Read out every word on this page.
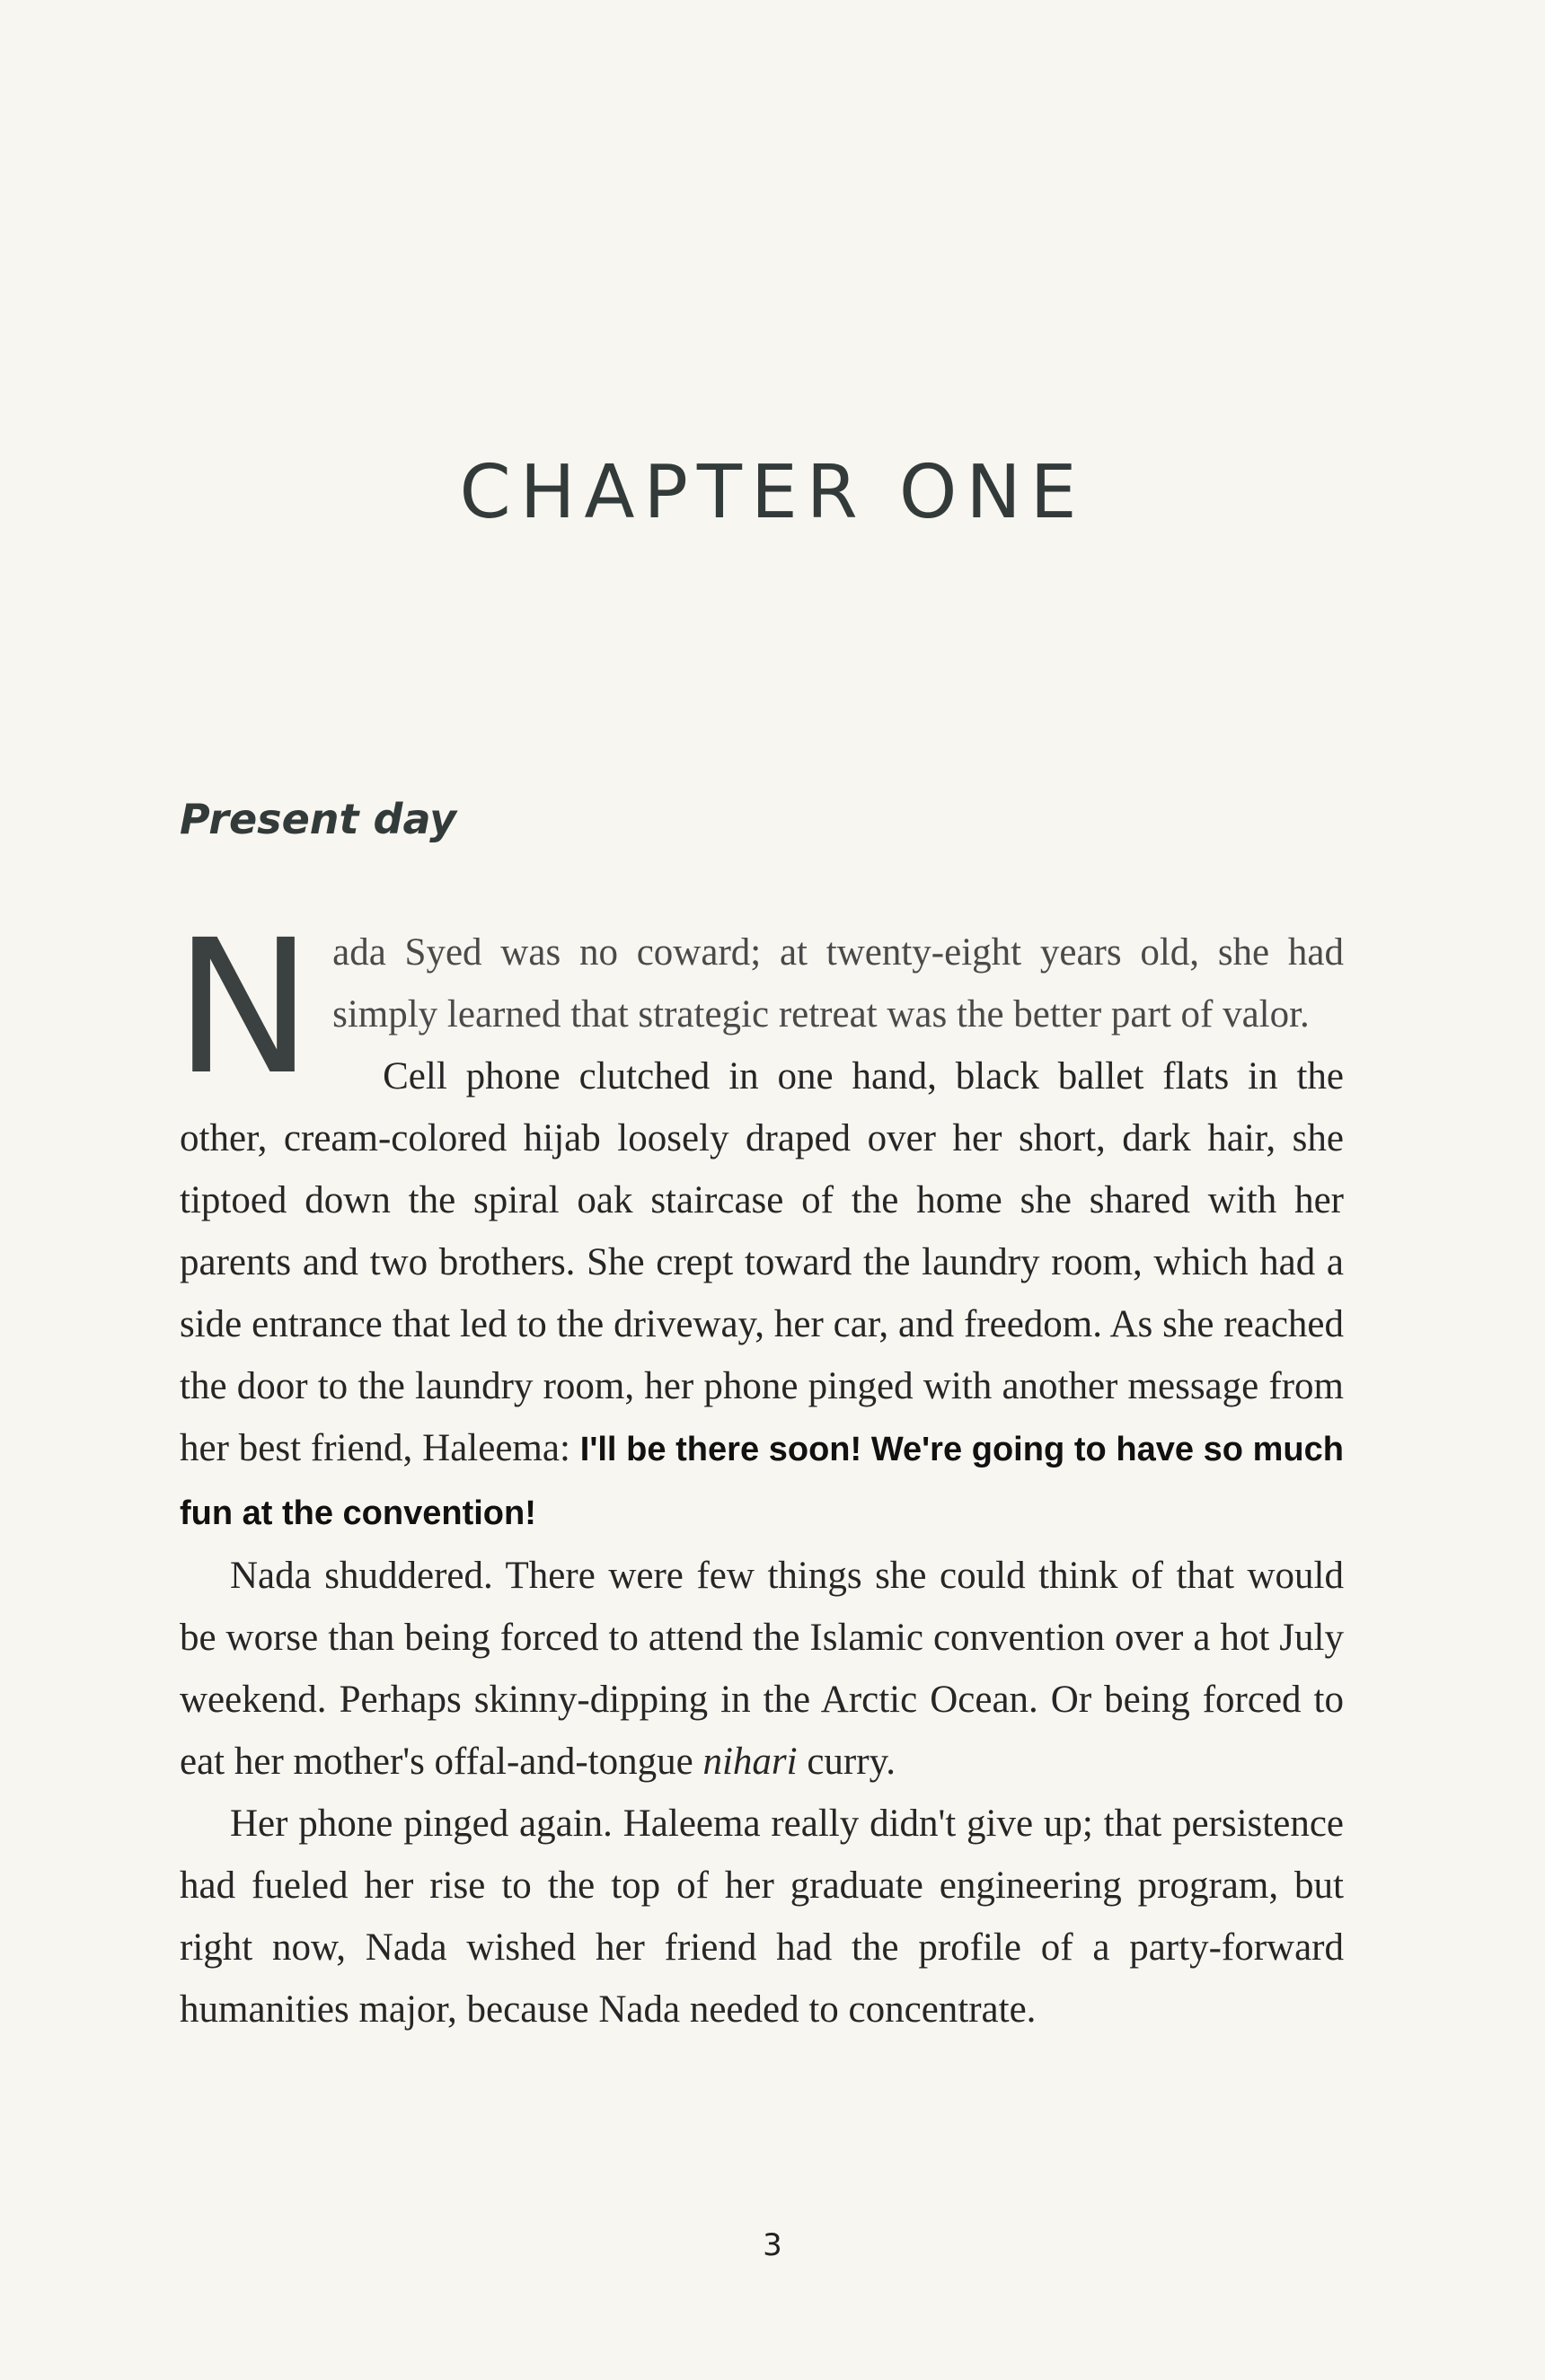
CHAPTER ONE
Present day

Nada Syed was no coward; at twenty-eight years old, she had simply learned that strategic retreat was the better part of valor.

Cell phone clutched in one hand, black ballet flats in the other, cream-colored hijab loosely draped over her short, dark hair, she tiptoed down the spiral oak staircase of the home she shared with her parents and two brothers. She crept toward the laundry room, which had a side entrance that led to the driveway, her car, and freedom. As she reached the door to the laundry room, her phone pinged with another message from her best friend, Haleema: I'll be there soon! We're going to have so much fun at the convention!

Nada shuddered. There were few things she could think of that would be worse than being forced to attend the Islamic convention over a hot July weekend. Perhaps skinny-dipping in the Arctic Ocean. Or being forced to eat her mother's offal-and-tongue nihari curry.

Her phone pinged again. Haleema really didn't give up; that persistence had fueled her rise to the top of her graduate engineering program, but right now, Nada wished her friend had the profile of a party-forward humanities major, because Nada needed to concentrate.

3
